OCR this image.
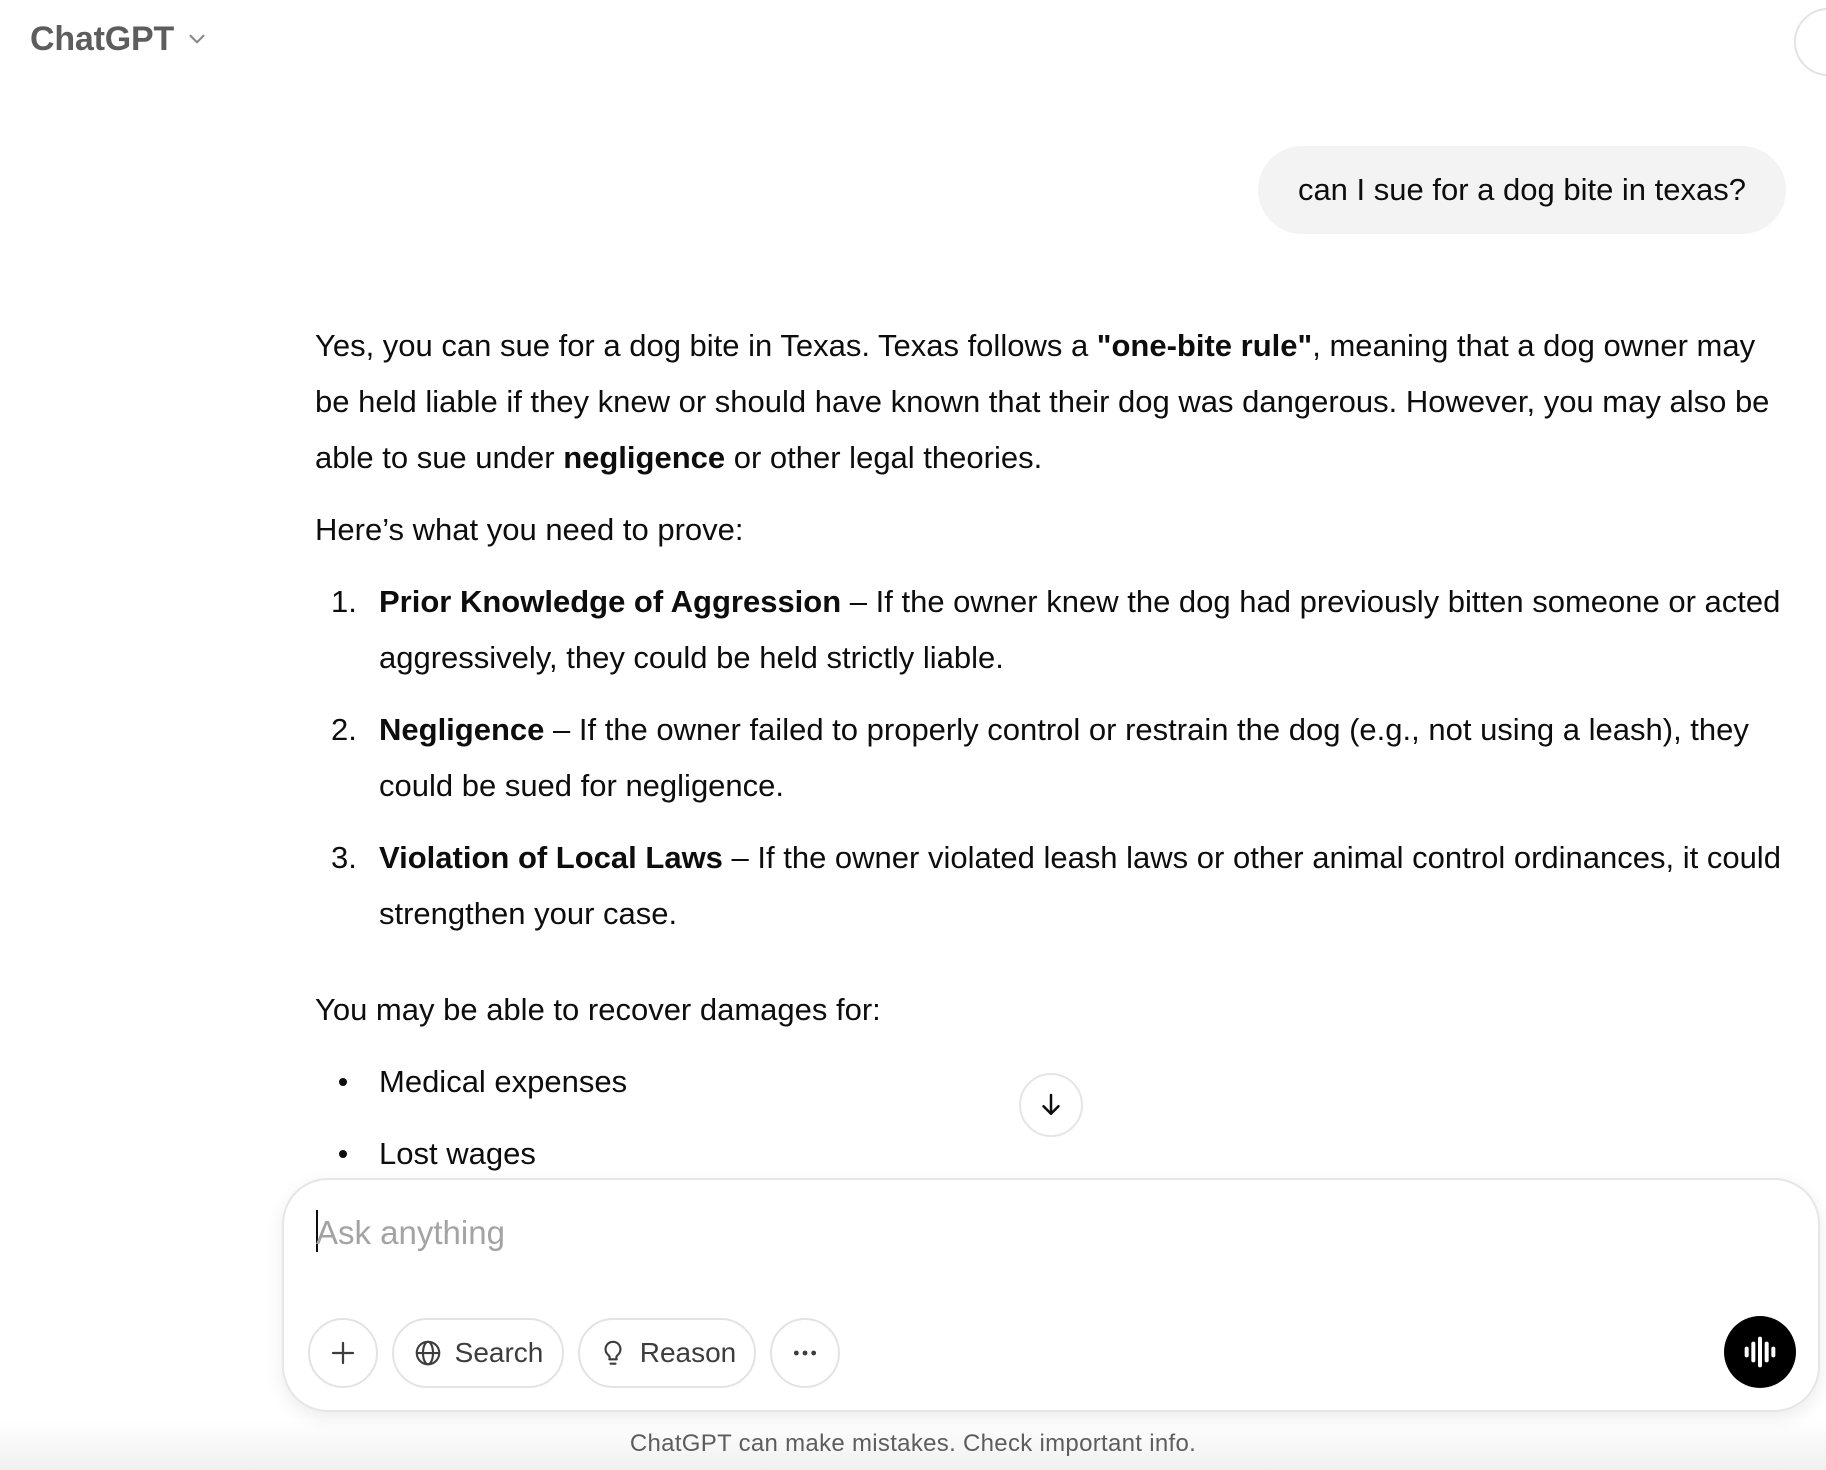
ChatGPT
can I sue for a dog bite in texas?

Yes, you can sue for a dog bite in Texas. Texas follows a "one-bite rule", meaning that a dog owner may be held liable if they knew or should have known that their dog was dangerous. However, you may also be able to sue under negligence or other legal theories.

Here’s what you need to prove:

1. Prior Knowledge of Aggression – If the owner knew the dog had previously bitten someone or acted aggressively, they could be held strictly liable.
2. Negligence – If the owner failed to properly control or restrain the dog (e.g., not using a leash), they could be sued for negligence.
3. Violation of Local Laws – If the owner violated leash laws or other animal control ordinances, it could strengthen your case.

You may be able to recover damages for:

Medical expenses
Lost wages
Ask anything
Search	Reason
ChatGPT can make mistakes. Check important info.
